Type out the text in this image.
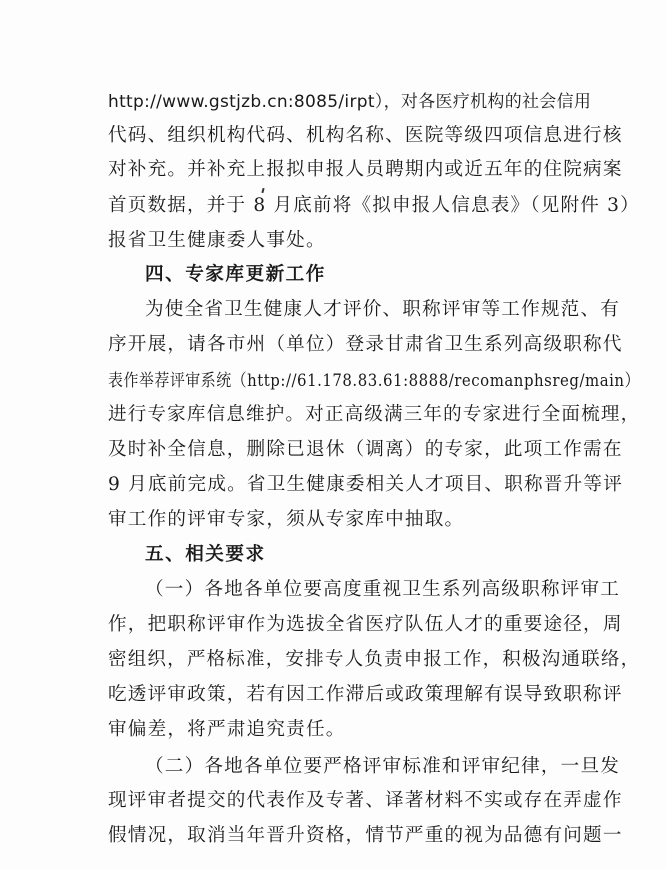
http://www.gstjzb.cn:8085/irpt），对各医疗机构的社会信用
代码、组织机构代码、机构名称、医院等级四项信息进行核
对补充。并补充上报拟申报人员聘期内或近五年的住院病案
首页数据，并于 8 月底前将《拟申报人信息表》（见附件 3）
报省卫生健康委人事处。
四、专家库更新工作
为使全省卫生健康人才评价、职称评审等工作规范、有
序开展，请各市州（单位）登录甘肃省卫生系列高级职称代
表作举荐评审系统（http://61.178.83.61:8888/recomanphsreg/main）
进行专家库信息维护。对正高级满三年的专家进行全面梳理，
及时补全信息，删除已退休（调离）的专家，此项工作需在
9 月底前完成。省卫生健康委相关人才项目、职称晋升等评
审工作的评审专家，须从专家库中抽取。
五、相关要求
（一）各地各单位要高度重视卫生系列高级职称评审工
作，把职称评审作为选拔全省医疗队伍人才的重要途径，周
密组织，严格标准，安排专人负责申报工作，积极沟通联络，
吃透评审政策，若有因工作滞后或政策理解有误导致职称评
审偏差，将严肃追究责任。
（二）各地各单位要严格评审标准和评审纪律，一旦发
现评审者提交的代表作及专著、译著材料不实或存在弄虚作
假情况，取消当年晋升资格，情节严重的视为品德有问题一
